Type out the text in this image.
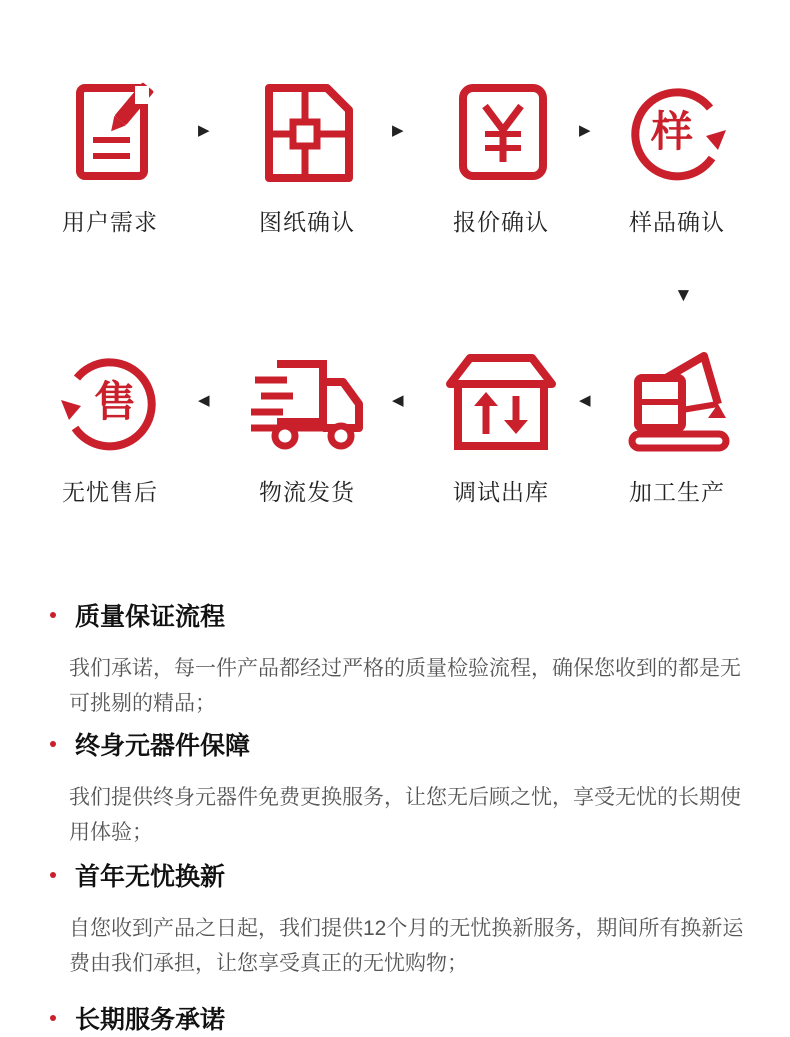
用户需求
▶
图纸确认
▶
报价确认
▶ 样
样品确认
▼
售
无忧售后
◀
物流发货
◀
调试出库
◀
加工生产
质量保证流程
我们承诺，每一件产品都经过严格的质量检验流程，确保您收到的都是无可挑剔的精品；
终身元器件保障
我们提供终身元器件免费更换服务，让您无后顾之忧，享受无忧的长期使用体验；
首年无忧换新
自您收到产品之日起，我们提供12个月的无忧换新服务，期间所有换新运费由我们承担，让您享受真正的无忧购物；
长期服务承诺
